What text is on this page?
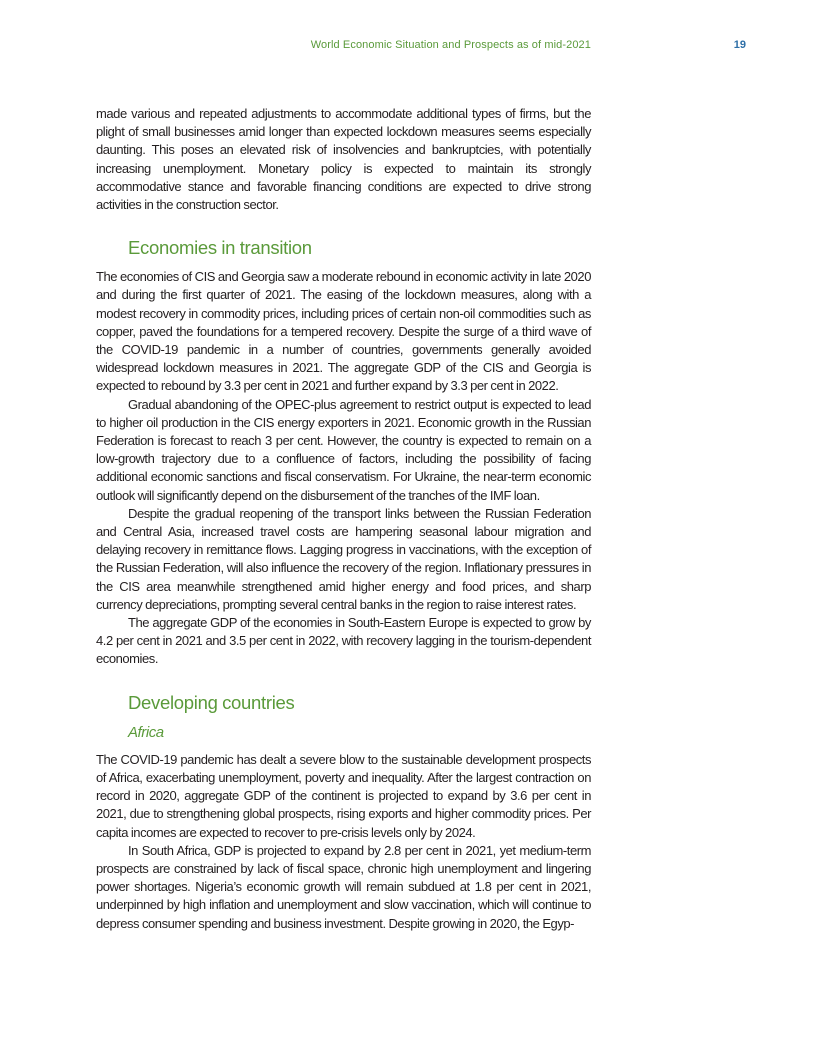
World Economic Situation and Prospects as of mid-2021	19

made various and repeated adjustments to accommodate additional types of firms, but the plight of small businesses amid longer than expected lockdown measures seems especially daunting. This poses an elevated risk of insolvencies and bankruptcies, with potentially increasing unemployment. Monetary policy is expected to maintain its strongly accommodative stance and favorable financing conditions are expected to drive strong activities in the construction sector.

Economies in transition

The economies of CIS and Georgia saw a moderate rebound in economic activity in late 2020 and during the first quarter of 2021. The easing of the lockdown measures, along with a modest recovery in commodity prices, including prices of certain non-oil commodities such as copper, paved the foundations for a tempered recovery. Despite the surge of a third wave of the COVID-19 pandemic in a number of countries, governments generally avoided widespread lockdown measures in 2021. The aggregate GDP of the CIS and Georgia is expected to rebound by 3.3 per cent in 2021 and further expand by 3.3 per cent in 2022.

Gradual abandoning of the OPEC-plus agreement to restrict output is expected to lead to higher oil production in the CIS energy exporters in 2021. Economic growth in the Russian Federation is forecast to reach 3 per cent. However, the country is expected to remain on a low-growth trajectory due to a confluence of factors, including the possibility of facing additional economic sanctions and fiscal conservatism. For Ukraine, the near-term economic outlook will significantly depend on the disbursement of the tranches of the IMF loan.

Despite the gradual reopening of the transport links between the Russian Federation and Central Asia, increased travel costs are hampering seasonal labour migration and delaying recovery in remittance flows. Lagging progress in vaccinations, with the exception of the Russian Federation, will also influence the recovery of the region. Inflationary pressures in the CIS area meanwhile strengthened amid higher energy and food prices, and sharp currency depreciations, prompting several central banks in the region to raise interest rates.

The aggregate GDP of the economies in South-Eastern Europe is expected to grow by 4.2 per cent in 2021 and 3.5 per cent in 2022, with recovery lagging in the tourism-dependent economies.

Developing countries
Africa

The COVID-19 pandemic has dealt a severe blow to the sustainable development prospects of Africa, exacerbating unemployment, poverty and inequality. After the largest contraction on record in 2020, aggregate GDP of the continent is projected to expand by 3.6 per cent in 2021, due to strengthening global prospects, rising exports and higher commodity prices. Per capita incomes are expected to recover to pre-crisis levels only by 2024.

In South Africa, GDP is projected to expand by 2.8 per cent in 2021, yet medium-term prospects are constrained by lack of fiscal space, chronic high unemployment and lingering power shortages. Nigeria’s economic growth will remain subdued at 1.8 per cent in 2021, underpinned by high inflation and unemployment and slow vaccination, which will continue to depress consumer spending and business investment. Despite growing in 2020, the Egyp-
